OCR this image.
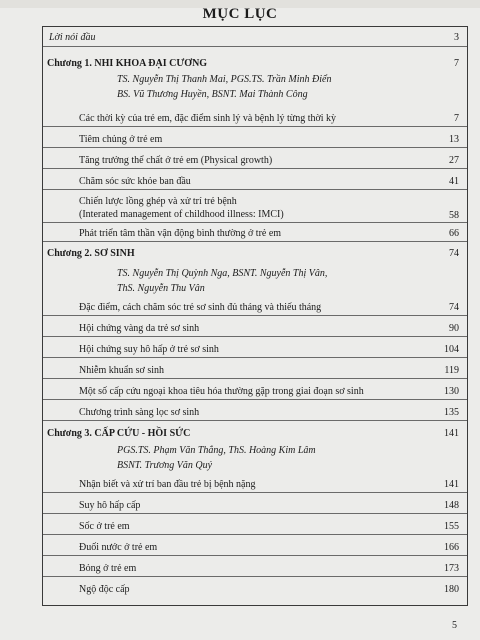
MỤC LỤC
Lời nói đầu	3
Chương 1. NHI KHOA ĐẠI CƯƠNG	7
TS. Nguyễn Thị Thanh Mai, PGS.TS. Trần Minh Điển
BS. Vũ Thương Huyền, BSNT. Mai Thành Công
Các thời kỳ của trẻ em, đặc điểm sinh lý và bệnh lý từng thời kỳ	7
Tiêm chủng ở trẻ em	13
Tăng trưởng thể chất ở trẻ em (Physical growth)	27
Chăm sóc sức khỏe ban đầu	41
Chiến lược lồng ghép và xử trí trẻ bệnh
(Interated management of childhood illness: IMCI)	58
Phát triển tâm thần vận động bình thường ở trẻ em	66
Chương 2. SƠ SINH	74
TS. Nguyễn Thị Quỳnh Nga, BSNT. Nguyễn Thị Vân,
ThS. Nguyễn Thu Vân
Đặc điểm, cách chăm sóc trẻ sơ sinh đủ tháng và thiếu tháng	74
Hội chứng vàng da trẻ sơ sinh	90
Hội chứng suy hô hấp ở trẻ sơ sinh	104
Nhiễm khuẩn sơ sinh	119
Một số cấp cứu ngoại khoa tiêu hóa thường gặp trong giai đoạn sơ sinh	130
Chương trình sàng lọc sơ sinh	135
Chương 3. CẤP CỨU - HỒI SỨC	141
PGS.TS. Phạm Văn Thắng, ThS. Hoàng Kim Lâm
BSNT. Trương Văn Quý
Nhận biết và xử trí ban đầu trẻ bị bệnh nặng	141
Suy hô hấp cấp	148
Sốc ở trẻ em	155
Đuối nước ở trẻ em	166
Bỏng ở trẻ em	173
Ngộ độc cấp	180
5
